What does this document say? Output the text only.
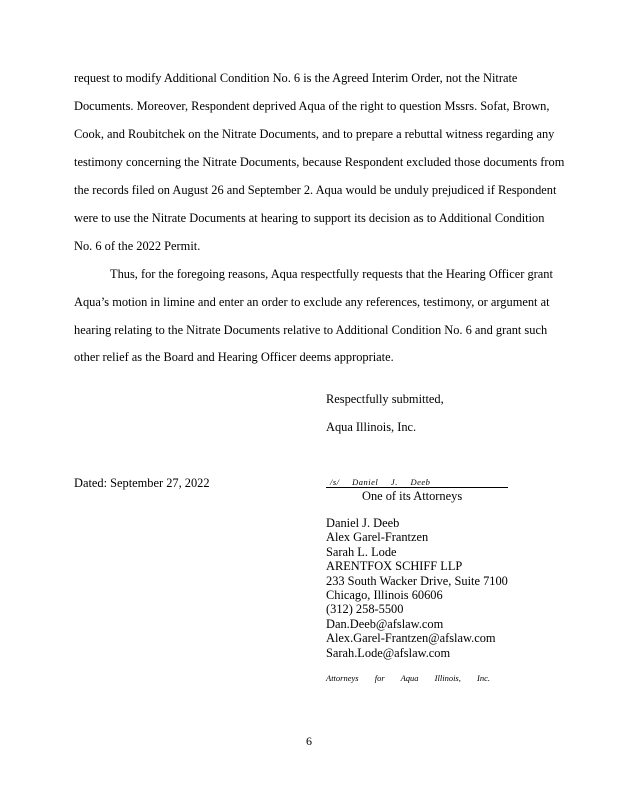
request to modify Additional Condition No. 6 is the Agreed Interim Order, not the Nitrate
Documents. Moreover, Respondent deprived Aqua of the right to question Mssrs. Sofat, Brown,
Cook, and Roubitchek on the Nitrate Documents, and to prepare a rebuttal witness regarding any
testimony concerning the Nitrate Documents, because Respondent excluded those documents from
the records filed on August 26 and September 2. Aqua would be unduly prejudiced if Respondent
were to use the Nitrate Documents at hearing to support its decision as to Additional Condition
No. 6 of the 2022 Permit.
Thus, for the foregoing reasons, Aqua respectfully requests that the Hearing Officer grant
Aqua’s motion in limine and enter an order to exclude any references, testimony, or argument at
hearing relating to the Nitrate Documents relative to Additional Condition No. 6 and grant such
other relief as the Board and Hearing Officer deems appropriate.
Respectfully submitted,
Aqua Illinois, Inc.
Dated: September 27, 2022	/s/ Daniel J. Deeb
One of its Attorneys
Daniel J. Deeb
Alex Garel-Frantzen
Sarah L. Lode
ARENTFOX SCHIFF LLP
233 South Wacker Drive, Suite 7100
Chicago, Illinois 60606
(312) 258-5500
Dan.Deeb@afslaw.com
Alex.Garel-Frantzen@afslaw.com
Sarah.Lode@afslaw.com
Attorneys for Aqua Illinois, Inc.
6
